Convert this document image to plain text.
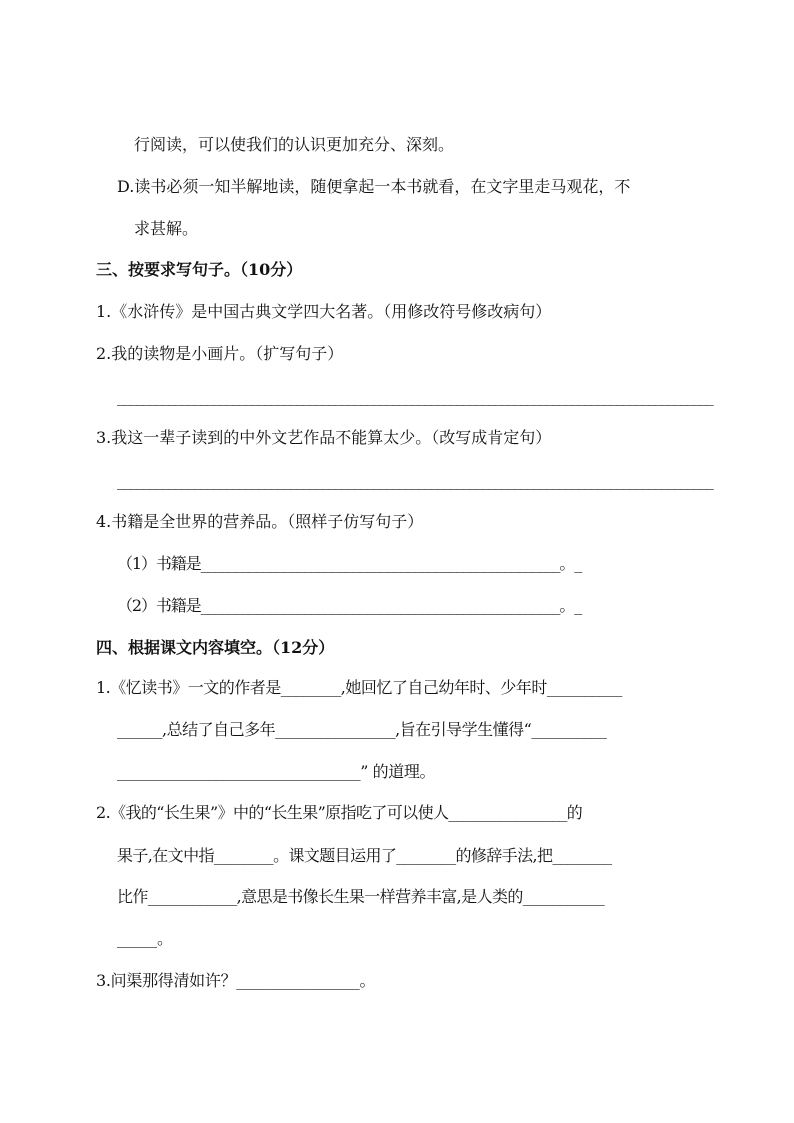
行阅读，可以使我们的认识更加充分、深刻。
D.读书必须一知半解地读，随便拿起一本书就看，在文字里走马观花，不
求甚解。
三、按要求写句子。（10分）
1.《水浒传》是中国古典文学四大名著。（用修改符号修改病句）
2.我的读物是小画片。（扩写句子）
_____________________________________________________________________________________________
3.我这一辈子读到的中外文艺作品不能算太少。（改写成肯定句）
_____________________________________________________________________________________________
4.书籍是全世界的营养品。（照样子仿写句子）
（1）书籍是____________________________________________________。_
（2）书籍是____________________________________________________。_
四、根据课文内容填空。（12分）
1.《忆读书》一文的作者是________,她回忆了自己幼年时、少年时__________
______,总结了自己多年________________,旨在引导学生懂得“__________
________________________________” 的道理。
2.《我的“长生果”》中的“长生果”原指吃了可以使人________________的
果子,在文中指________。课文题目运用了________的修辞手法,把________
比作____________,意思是书像长生果一样营养丰富,是人类的___________
_____。
3.问渠那得清如许？________________。
